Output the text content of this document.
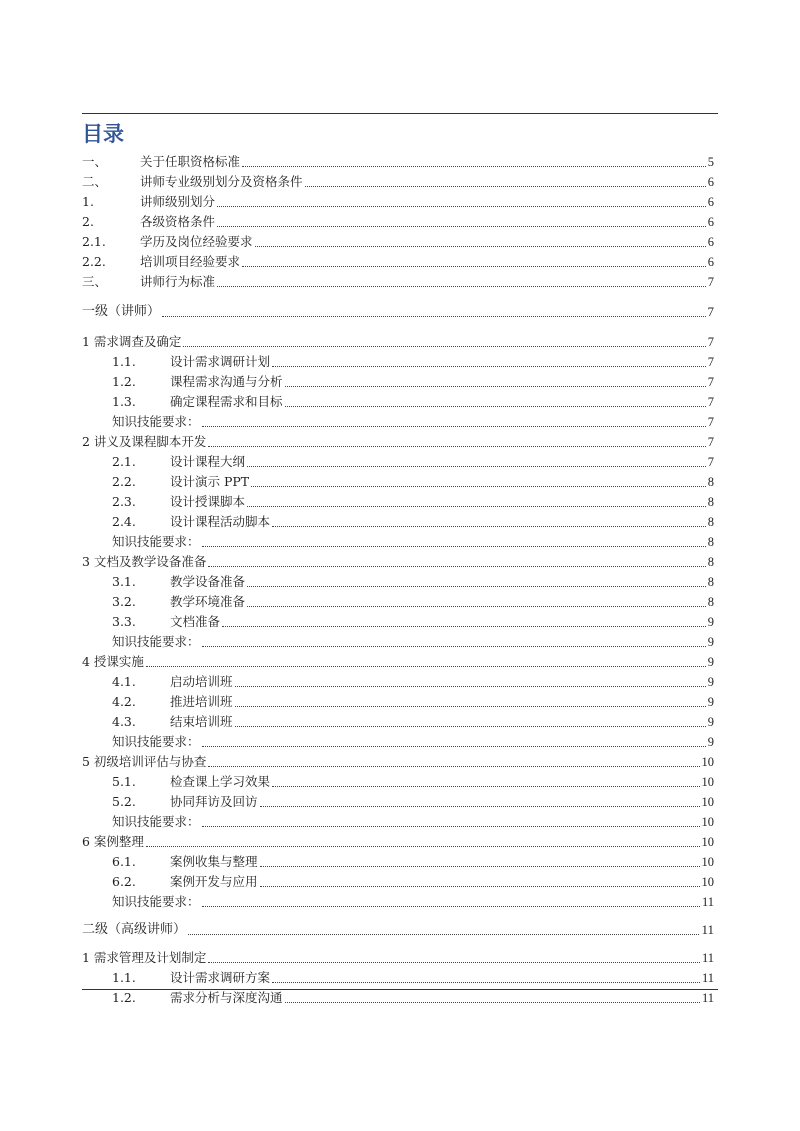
目录
一、	关于任职资格标准	5
二、	讲师专业级别划分及资格条件	6
1.	讲师级别划分	6
2.	各级资格条件	6
2.1.	学历及岗位经验要求	6
2.2.	培训项目经验要求	6
三、	讲师行为标准	7
一级（讲师）	7
1 需求调查及确定	7
1.1.	设计需求调研计划	7
1.2.	课程需求沟通与分析	7
1.3.	确定课程需求和目标	7
知识技能要求：	7
2 讲义及课程脚本开发	7
2.1.	设计课程大纲	7
2.2.	设计演示 PPT	8
2.3.	设计授课脚本	8
2.4.	设计课程活动脚本	8
知识技能要求：	8
3 文档及教学设备准备	8
3.1.	教学设备准备	8
3.2.	教学环境准备	8
3.3.	文档准备	9
知识技能要求：	9
4 授课实施	9
4.1.	启动培训班	9
4.2.	推进培训班	9
4.3.	结束培训班	9
知识技能要求：	9
5 初级培训评估与协查	10
5.1.	检查课上学习效果	10
5.2.	协同拜访及回访	10
知识技能要求：	10
6 案例整理	10
6.1.	案例收集与整理	10
6.2.	案例开发与应用	10
知识技能要求：	11
二级（高级讲师）	11
1 需求管理及计划制定	11
1.1.	设计需求调研方案	11
1.2.	需求分析与深度沟通	11
